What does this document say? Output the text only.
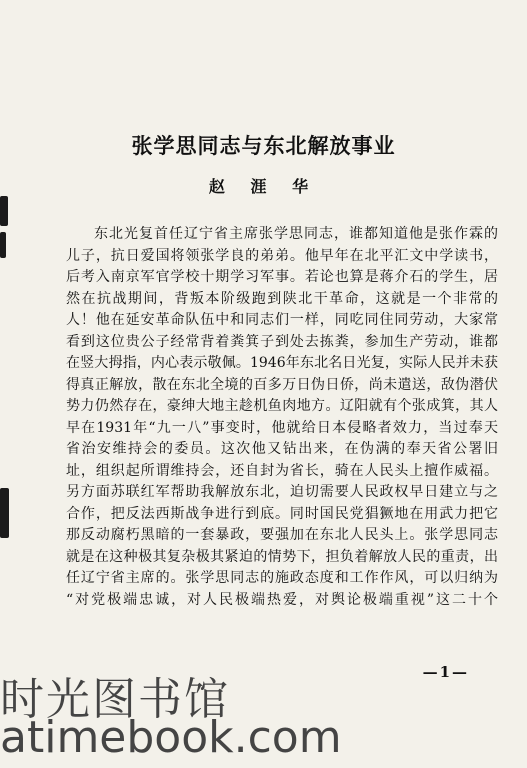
张学思同志与东北解放事业
赵 涯 华
东北光复首任辽宁省主席张学思同志，谁都知道他是张作霖的
儿子，抗日爱国将领张学良的弟弟。他早年在北平汇文中学读书，
后考入南京军官学校十期学习军事。若论也算是蒋介石的学生，居
然在抗战期间，背叛本阶级跑到陕北干革命，这就是一个非常的
人！他在延安革命队伍中和同志们一样，同吃同住同劳动，大家常
看到这位贵公子经常背着粪箕子到处去拣粪，参加生产劳动，谁都
在竖大拇指，内心表示敬佩。1946年东北名日光复，实际人民并未获
得真正解放，散在东北全境的百多万日伪日侨，尚未遣送，敌伪潜伏
势力仍然存在，豪绅大地主趁机鱼肉地方。辽阳就有个张成箕，其人
早在1931年“九一八”事变时，他就给日本侵略者效力，当过奉天
省治安维持会的委员。这次他又钻出来，在伪满的奉天省公署旧
址，组织起所谓维持会，还自封为省长，骑在人民头上擅作威福。
另方面苏联红军帮助我解放东北，迫切需要人民政权早日建立与之
合作，把反法西斯战争进行到底。同时国民党猖獗地在用武力把它
那反动腐朽黑暗的一套暴政，要强加在东北人民头上。张学思同志
就是在这种极其复杂极其紧迫的情势下，担负着解放人民的重责，出
任辽宁省主席的。张学思同志的施政态度和工作作风，可以归纳为
“对党极端忠诚，对人民极端热爱，对舆论极端重视”这二十个
—1—
时光图书馆
atimebook.com
